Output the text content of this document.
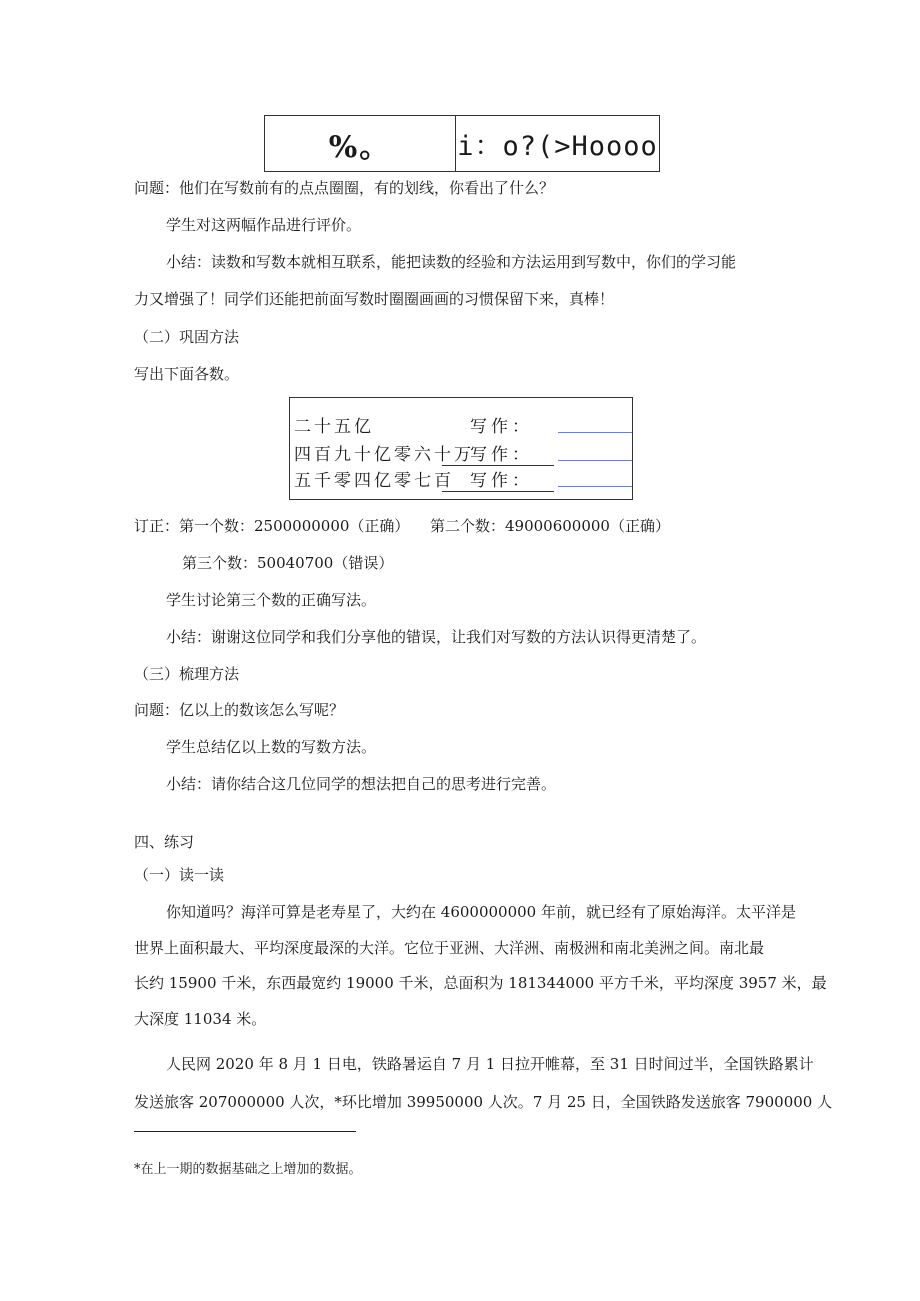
%。	i：o?(>Hoooo
问题：他们在写数前有的点点圈圈，有的划线，你看出了什么？
学生对这两幅作品进行评价。
小结：读数和写数本就相互联系，能把读数的经验和方法运用到写数中，你们的学习能
力又增强了！同学们还能把前面写数时圈圈画画的习惯保留下来，真棒！
（二）巩固方法
写出下面各数。
二十五亿	写作：
四百九十亿零六十万
写作：
五千零四亿零七百 写作：
订正：第一个数：2500000000（正确） 第二个数：49000600000（正确）
第三个数：50040700（错误）
学生讨论第三个数的正确写法。
小结：谢谢这位同学和我们分享他的错误，让我们对写数的方法认识得更清楚了。
（三）梳理方法
问题：亿以上的数该怎么写呢？
学生总结亿以上数的写数方法。
小结：请你结合这几位同学的想法把自己的思考进行完善。
四、练习
（一）读一读
你知道吗？海洋可算是老寿星了，大约在 4600000000 年前，就已经有了原始海洋。太平洋是
世界上面积最大、平均深度最深的大洋。它位于亚洲、大洋洲、南极洲和南北美洲之间。南北最
长约 15900 千米，东西最宽约 19000 千米，总面积为 181344000 平方千米，平均深度 3957 米，最
大深度 11034 米。
人民网 2020 年 8 月 1 日电，铁路暑运自 7 月 1 日拉开帷幕，至 31 日时间过半，全国铁路累计
发送旅客 207000000 人次，*环比增加 39950000 人次。7 月 25 日，全国铁路发送旅客 7900000 人
*在上一期的数据基础之上增加的数据。
